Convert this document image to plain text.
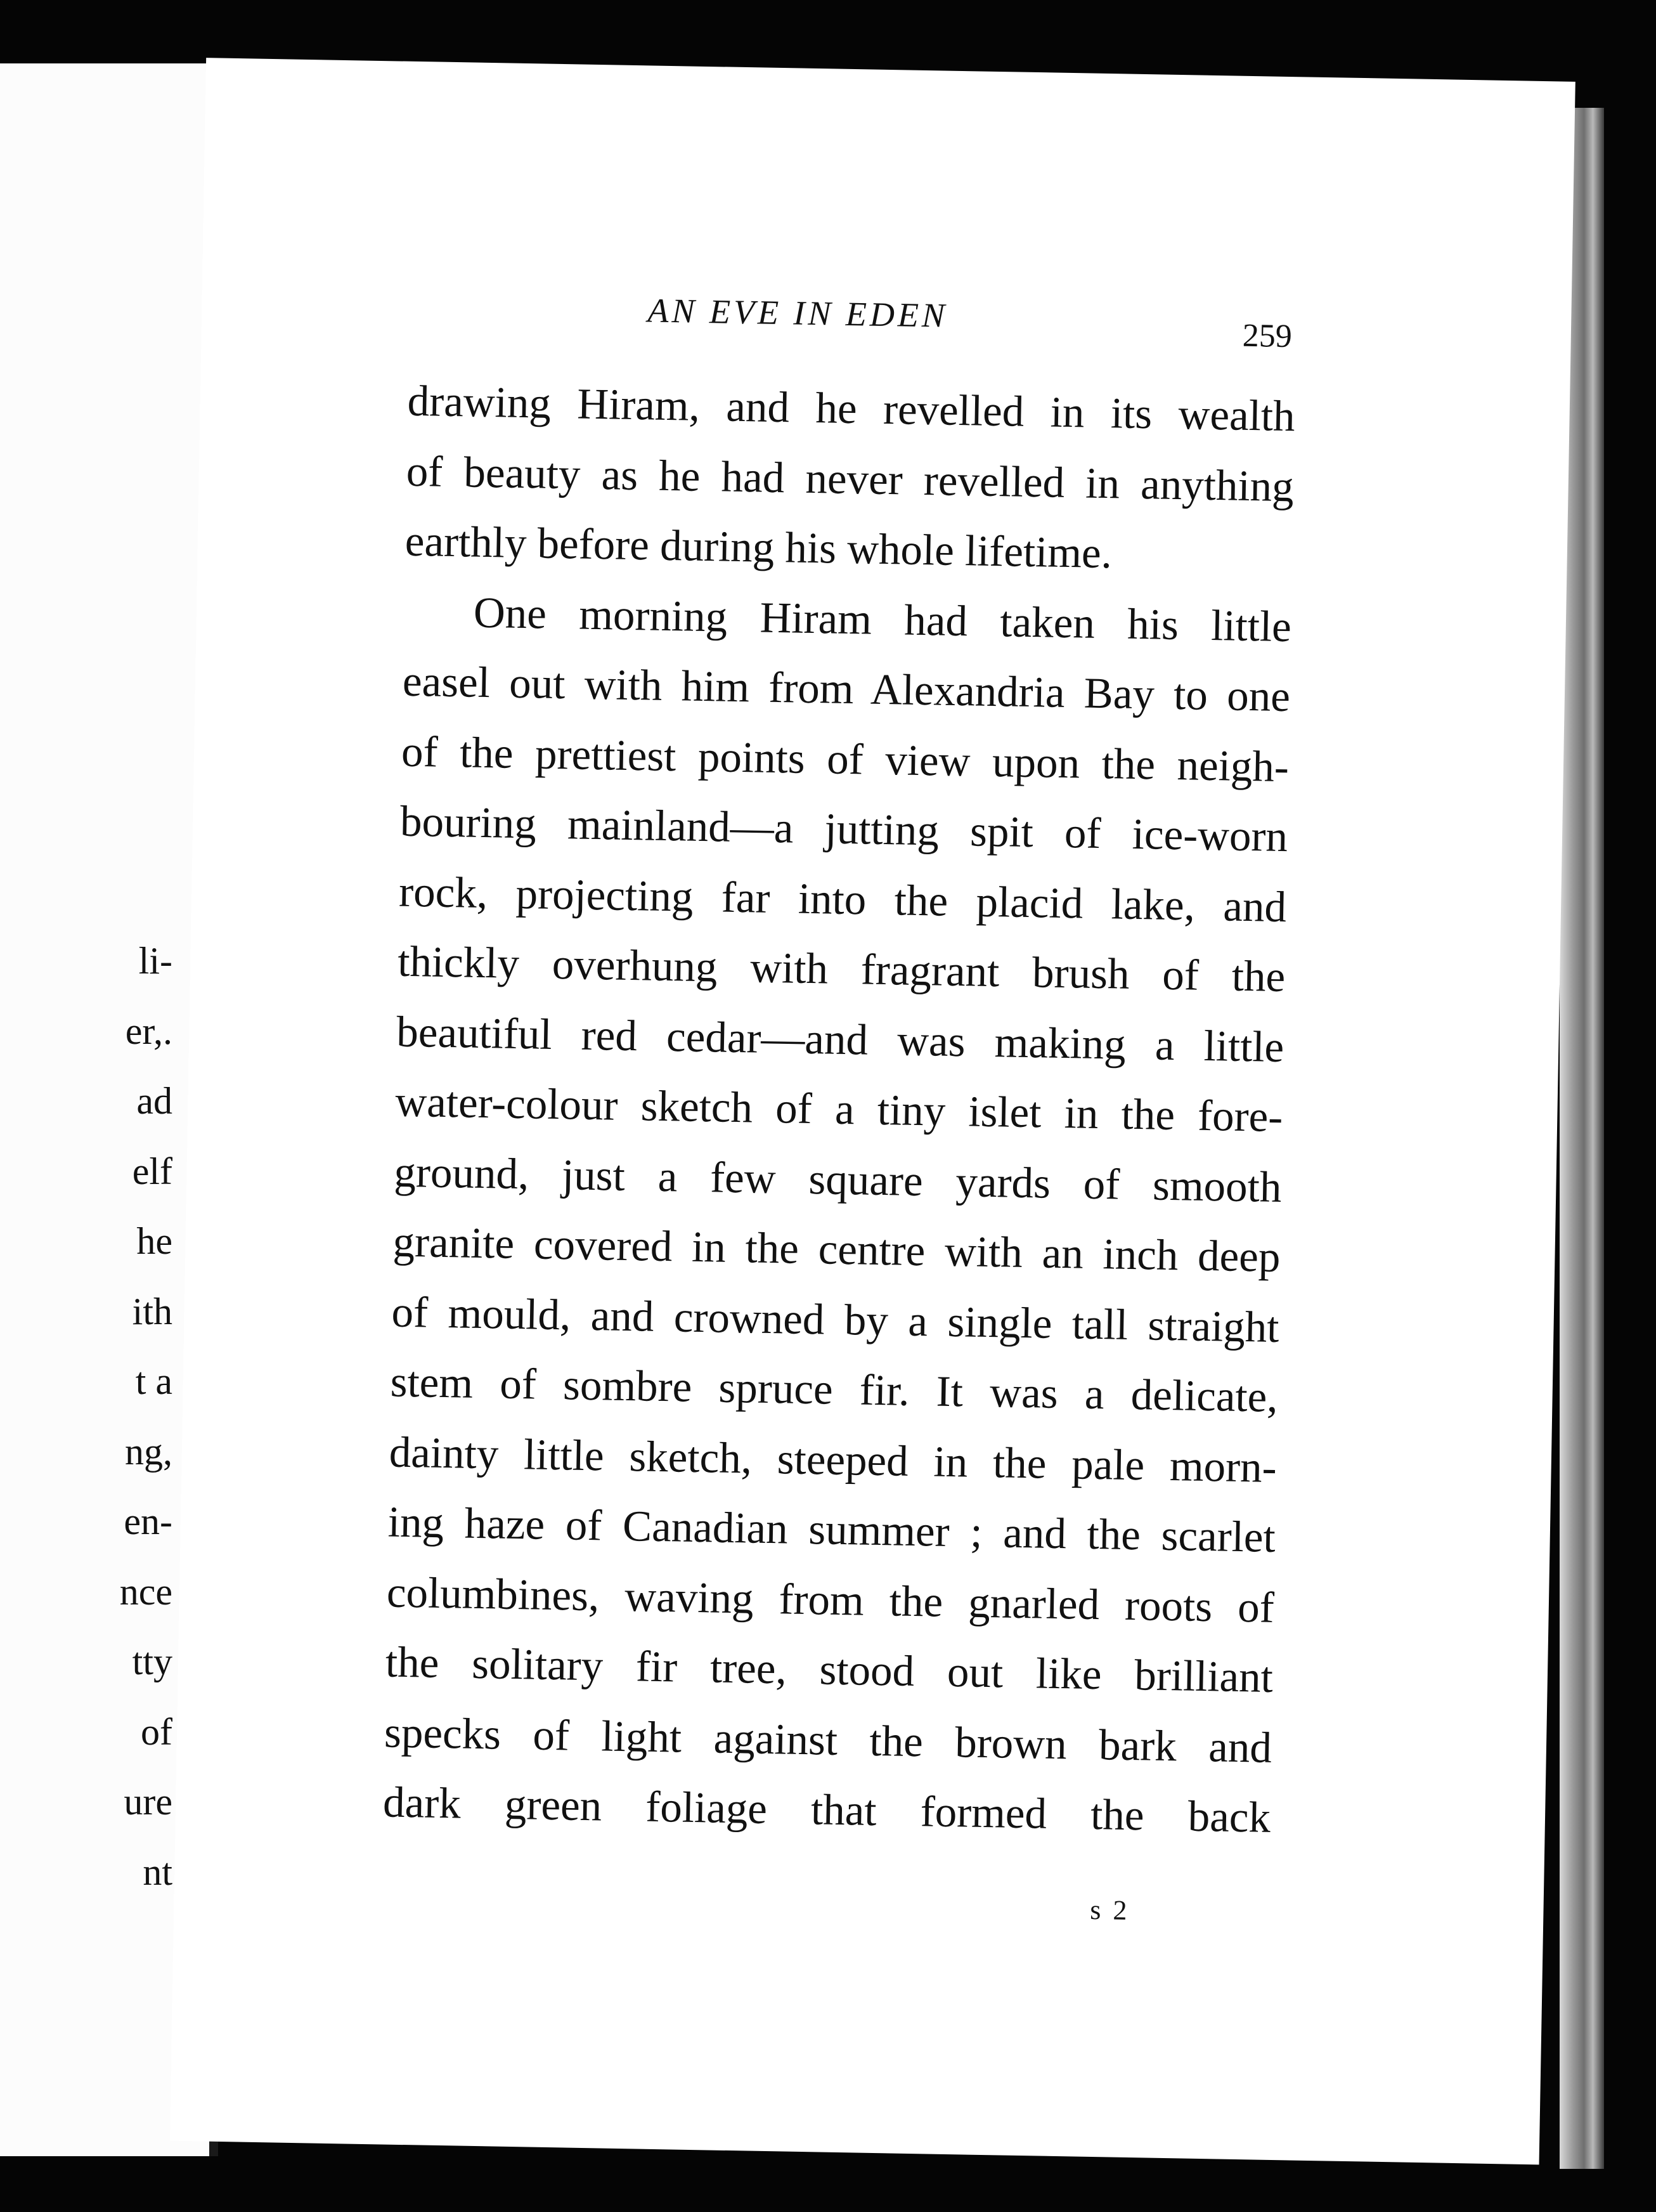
li-
er,.
ad
elf
he
ith
t a
ng,
en-
nce
tty
of
ure
nt
AN EVE IN EDEN
259
drawing Hiram, and he revelled in its wealth
of beauty as he had never revelled in anything
earthly before during his whole lifetime.
One morning Hiram had taken his little
easel out with him from Alexandria Bay to one
of the prettiest points of view upon the neigh-
bouring mainland—a jutting spit of ice-worn
rock, projecting far into the placid lake, and
thickly overhung with fragrant brush of the
beautiful red cedar—and was making a little
water-colour sketch of a tiny islet in the fore-
ground, just a few square yards of smooth
granite covered in the centre with an inch deep
of mould, and crowned by a single tall straight
stem of sombre spruce fir. It was a delicate,
dainty little sketch, steeped in the pale morn-
ing haze of Canadian summer ; and the scarlet
columbines, waving from the gnarled roots of
the solitary fir tree, stood out like brilliant
specks of light against the brown bark and
dark green foliage that formed the back
s 2
